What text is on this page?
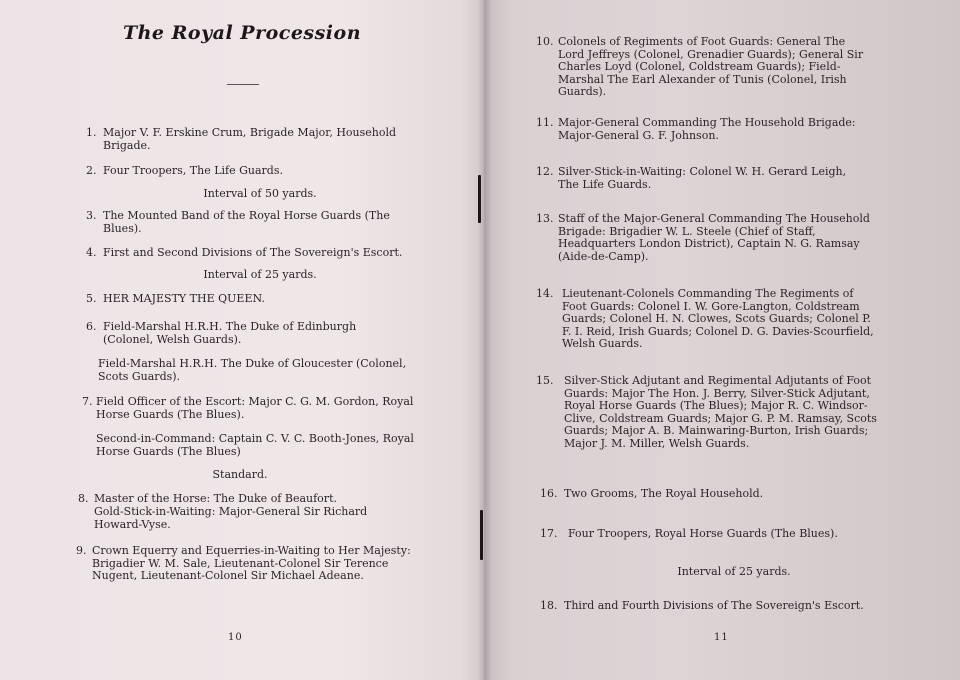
The Royal Procession
1. Major V. F. Erskine Crum, Brigade Major, Household Brigade.
2. Four Troopers, The Life Guards.
Interval of 50 yards.
3. The Mounted Band of the Royal Horse Guards (The Blues).
4. First and Second Divisions of The Sovereign's Escort.
Interval of 25 yards.
5. HER MAJESTY THE QUEEN.
6. Field-Marshal H.R.H. The Duke of Edinburgh (Colonel, Welsh Guards).
Field-Marshal H.R.H. The Duke of Gloucester (Colonel, Scots Guards).
7. Field Officer of the Escort: Major C. G. M. Gordon, Royal Horse Guards (The Blues).
Second-in-Command: Captain C. V. C. Booth-Jones, Royal Horse Guards (The Blues)
Standard.
8. Master of the Horse: The Duke of Beaufort.
Gold-Stick-in-Waiting: Major-General Sir Richard Howard-Vyse.
9. Crown Equerry and Equerries-in-Waiting to Her Majesty: Brigadier W. M. Sale, Lieutenant-Colonel Sir Terence Nugent, Lieutenant-Colonel Sir Michael Adeane.
10
10. Colonels of Regiments of Foot Guards: General The Lord Jeffreys (Colonel, Grenadier Guards); General Sir Charles Loyd (Colonel, Coldstream Guards); Field-Marshal The Earl Alexander of Tunis (Colonel, Irish Guards).
11. Major-General Commanding The Household Brigade: Major-General G. F. Johnson.
12. Silver-Stick-in-Waiting: Colonel W. H. Gerard Leigh, The Life Guards.
13. Staff of the Major-General Commanding The Household Brigade: Brigadier W. L. Steele (Chief of Staff, Headquarters London District), Captain N. G. Ramsay (Aide-de-Camp).
14. Lieutenant-Colonels Commanding The Regiments of Foot Guards: Colonel I. W. Gore-Langton, Coldstream Guards; Colonel H. N. Clowes, Scots Guards; Colonel P. F. I. Reid, Irish Guards; Colonel D. G. Davies-Scourfield, Welsh Guards.
15. Silver-Stick Adjutant and Regimental Adjutants of Foot Guards: Major The Hon. J. Berry, Silver-Stick Adjutant, Royal Horse Guards (The Blues); Major R. C. Windsor-Clive, Coldstream Guards; Major G. P. M. Ramsay, Scots Guards; Major A. B. Mainwaring-Burton, Irish Guards; Major J. M. Miller, Welsh Guards.
16. Two Grooms, The Royal Household.
17. Four Troopers, Royal Horse Guards (The Blues).
Interval of 25 yards.
18. Third and Fourth Divisions of The Sovereign's Escort.
11
